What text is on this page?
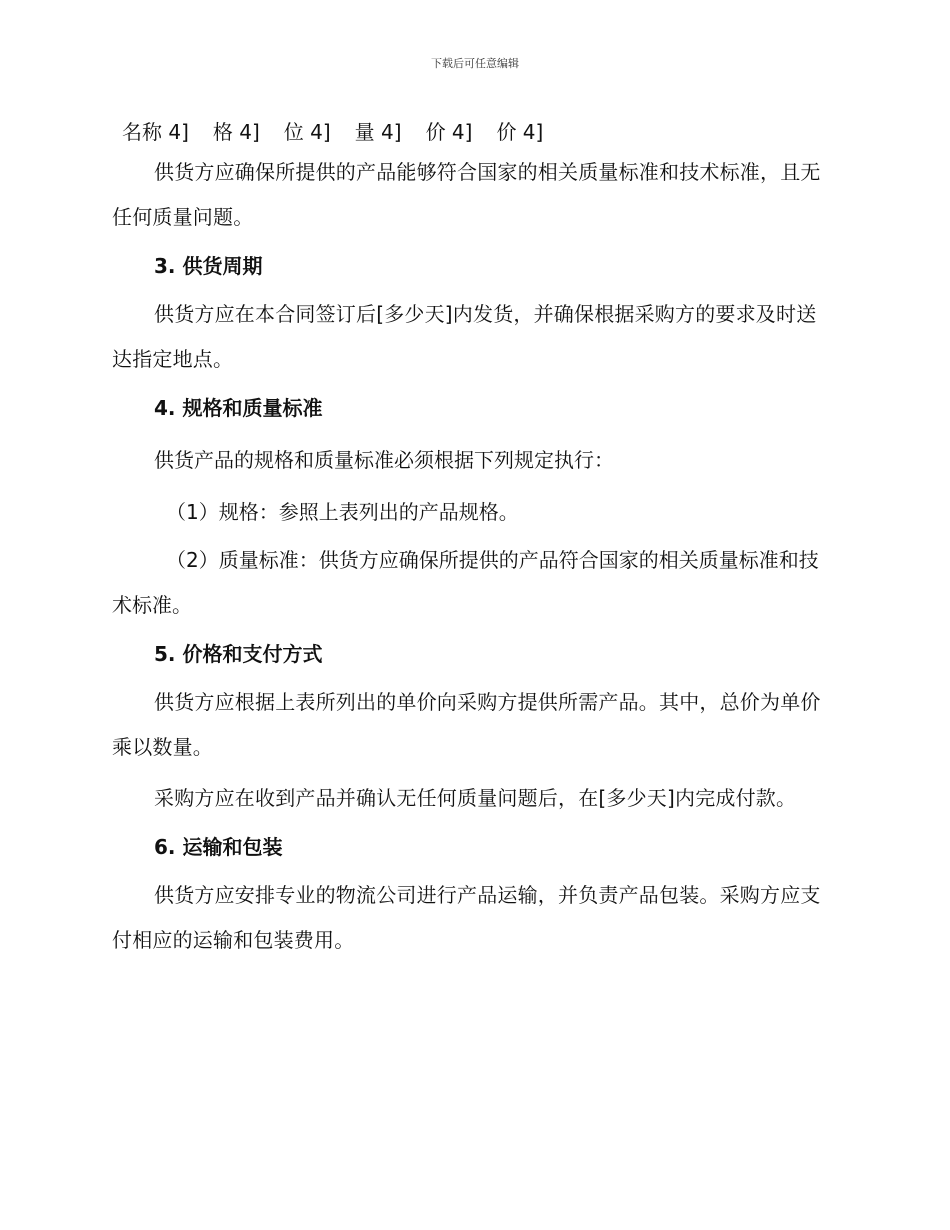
下载后可任意编辑
名称 4] 格 4] 位 4] 量 4] 价 4] 价 4]

供货方应确保所提供的产品能够符合国家的相关质量标准和技术标准，且无任何质量问题。

3. 供货周期

供货方应在本合同签订后[多少天]内发货，并确保根据采购方的要求及时送达指定地点。

4. 规格和质量标准

供货产品的规格和质量标准必须根据下列规定执行：

（1）规格：参照上表列出的产品规格。

（2）质量标准：供货方应确保所提供的产品符合国家的相关质量标准和技术标准。

5. 价格和支付方式

供货方应根据上表所列出的单价向采购方提供所需产品。其中，总价为单价乘以数量。

采购方应在收到产品并确认无任何质量问题后，在[多少天]内完成付款。

6. 运输和包装

供货方应安排专业的物流公司进行产品运输，并负责产品包装。采购方应支付相应的运输和包装费用。
